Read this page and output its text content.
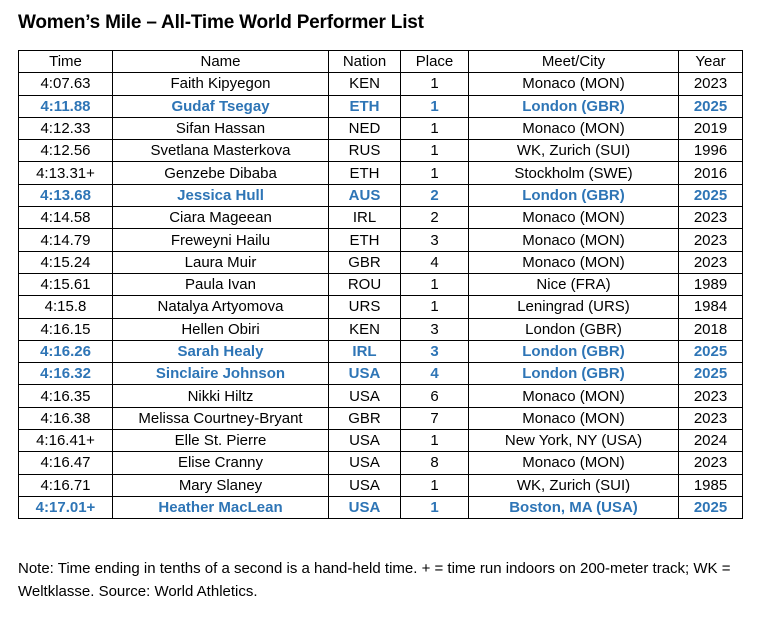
Women’s Mile – All-Time World Performer List
Time	Name	Nation	Place	Meet/City	Year
4:07.63	Faith Kipyegon	KEN	1	Monaco (MON)	2023
4:11.88	Gudaf Tsegay	ETH	1	London (GBR)	2025
4:12.33	Sifan Hassan	NED	1	Monaco (MON)	2019
4:12.56	Svetlana Masterkova	RUS	1	WK, Zurich (SUI)	1996
4:13.31+	Genzebe Dibaba	ETH	1	Stockholm (SWE)	2016
4:13.68	Jessica Hull	AUS	2	London (GBR)	2025
4:14.58	Ciara Mageean	IRL	2	Monaco (MON)	2023
4:14.79	Freweyni Hailu	ETH	3	Monaco (MON)	2023
4:15.24	Laura Muir	GBR	4	Monaco (MON)	2023
4:15.61	Paula Ivan	ROU	1	Nice (FRA)	1989
4:15.8	Natalya Artyomova	URS	1	Leningrad (URS)	1984
4:16.15	Hellen Obiri	KEN	3	London (GBR)	2018
4:16.26	Sarah Healy	IRL	3	London (GBR)	2025
4:16.32	Sinclaire Johnson	USA	4	London (GBR)	2025
4:16.35	Nikki Hiltz	USA	6	Monaco (MON)	2023
4:16.38	Melissa Courtney-Bryant	GBR	7	Monaco (MON)	2023
4:16.41+	Elle St. Pierre	USA	1	New York, NY (USA)	2024
4:16.47	Elise Cranny	USA	8	Monaco (MON)	2023
4:16.71	Mary Slaney	USA	1	WK, Zurich (SUI)	1985
4:17.01+	Heather MacLean	USA	1	Boston, MA (USA)	2025
Note: Time ending in tenths of a second is a hand-held time. + = time run indoors on 200-meter track; WK = Weltklasse. Source: World Athletics.
